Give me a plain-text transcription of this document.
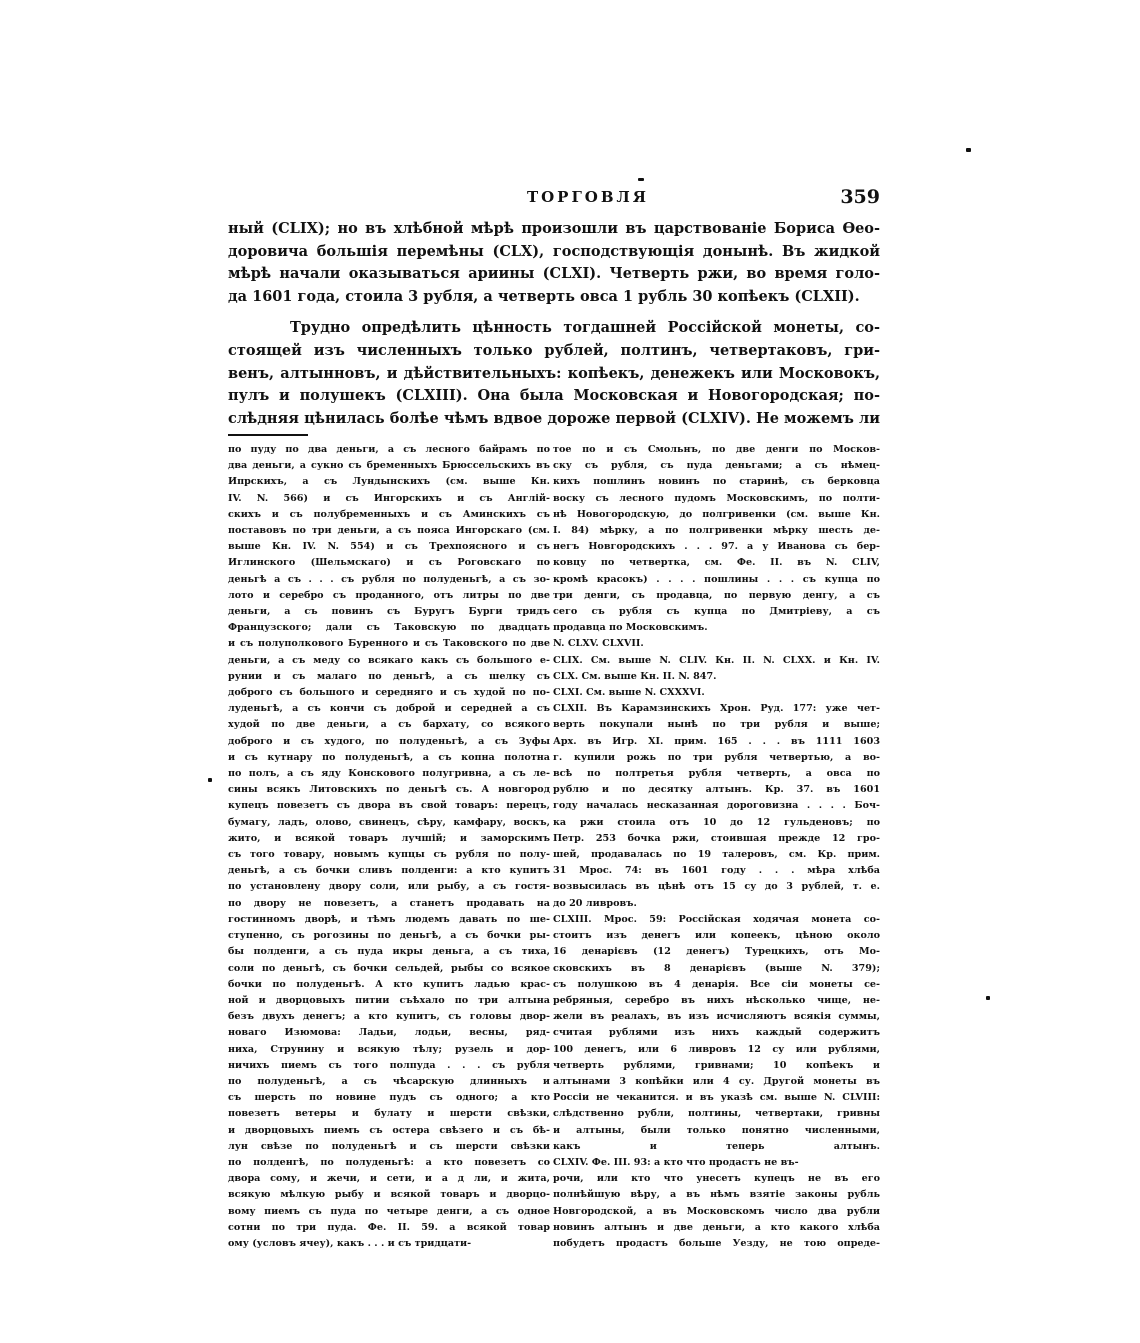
ТОРГОВЛЯ	359

ный (CLIX); но въ хлѣбной мѣрѣ произошли въ царствованіе Бориса Ѳео-

доровича большія перемѣны (CLX), господствующія донынѣ. Въ жидкой

мѣрѣ начали оказываться ариины (CLXI). Четверть ржи, во время голо-

да 1601 года, стоила 3 рубля, а четверть овса 1 рубль 30 копѣекъ (CLXII).

Трудно опредѣлить цѣнность тогдашней Россійской монеты, со-

стоящей изъ численныхъ только рублей, полтинъ, четвертаковъ, гри-

венъ, алтынновъ, и дѣйствительныхъ: копѣекъ, денежекъ или Московокъ,

пулъ и полушекъ (CLXIII). Она была Московская и Новогородская; по-

слѣдняя цѣнилась болѣе чѣмъ вдвое дороже первой (CLXIV). Не можемъ ли

по пуду по два деньги, а съ лесного байрамъ по

два деньги, а сукно съ бременныхъ Брюссельскихъ въ

Ипрскихъ, а съ Лундынскихъ (см. выше Кн.

IV. N. 566) и съ Ингорскихъ и съ Англій-

скихъ и съ полубременныхъ и съ Аминскихъ съ

поставовъ по три деньги, а съ пояса Ингорскаго (см.

выше Кн. IV. N. 554) и съ Трехпоясного и съ

Иглинского (Шельмскаго) и съ Роговскаго по

деньгѣ а съ . . . съ рубля по полуденьгѣ, а съ зо-

лото и серебро съ проданного, отъ литры по две

деньги, а съ повинъ съ Буругъ Бурги тридъ

Французского; дали съ Таковскую по двадцать

и съ полуполкового Буренного и съ Таковского по две

деньги, а съ меду со всякаго какъ съ большого е-

рунии и съ малаго по деньгѣ, а съ шелку съ

доброго съ большого и середняго и съ худой по по-

луденьгѣ, а съ кончи съ доброй и середней а съ

худой по две деньги, а съ бархату, со всякого

доброго и съ худого, по полуденьгѣ, а съ Зуфы

и съ кутнару по полуденьгѣ, а съ копна полотна

по полъ, а съ яду Конскового полугривна, а съ ле-

сины всякъ Литовскихъ по деньгѣ съ. А новгород

купецъ повезетъ съ двора въ свой товаръ: перецъ,

бумагу, ладъ, олово, свинецъ, сѣру, камфару, воскъ,

жито, и всякой товаръ лучшій; и заморскимъ

съ того товару, новымъ купцы съ рубля по полу-

деньгѣ, а съ бочки сливъ полденги: а кто купитъ

по установлену двору соли, или рыбу, а съ гостя-

по двору не повезетъ, а станетъ продавать на

гостинномъ дворѣ, и тѣмъ людемъ давать по ше-

ступенно, съ рогозины по деньгѣ, а съ бочки ры-

бы полденги, а съ пуда икры деньга, а съ тиха,

соли по деньгѣ, съ бочки сельдей, рыбы со всякое

бочки по полуденьгѣ. А кто купитъ ладью крас-

ной и дворцовыхъ питии съѣхало по три алтына

безъ двухъ денегъ; а кто купитъ, съ головы двор-

новаго Изюмова: Ладьи, лодьи, весны, ряд-

ниха, Струнину и всякую тѣлу; рузель и дор-

ничихъ пиемъ съ того полпуда . . . съ рубля

по полуденьгѣ, а съ чѣсарскую длинныхъ и

съ шерсть по новине пудъ съ одного; а кто

повезетъ ветеры и булату и шерсти свѣзки,

и дворцовыхъ пиемъ съ остера свѣзего и съ бѣ-

лун свѣзе по полуденьгѣ и съ шерсти свѣзки

по полденгѣ, по полуденьгѣ: а кто повезетъ со

двора сому, и жечи, и сети, и а д ли, и жита,

всякую мѣлкую рыбу и всякой товаръ и дворцо-

вому пиемъ съ пуда по четыре денги, а съ одное

сотни по три пуда. Фе. II. 59. а всякой товар

ому (условъ ячеу), какъ . . . и съ тридцати-

тое по и съ Смольнъ, по две денги по Москов-

ску съ рубля, съ пуда деньгами; а съ нѣмец-

кихъ пошлинъ новинъ по старинѣ, съ берковца

воску съ лесного пудомъ Московскимъ, по полти-

нѣ Новогородскую, до полгривенки (см. выше Кн.

I. 84) мѣрку, а по полгривенки мѣрку шесть де-

негъ Новгородскихъ . . . 97. а у Иванова съ бер-

ковцу по четвертка, см. Фе. II. въ N. CLIV,

кромѣ красокъ) . . . . пошлины . . . съ купца по

три денги, съ продавца, по первую денгу, а съ

сего съ рубля съ купца по Дмитріеву, а съ

продавца по Московскимъ.

N. CLXV. CLXVII.

CLIX. См. выше N. CLIV. Кн. II. N. CLXX. и Кн. IV.

CLX. См. выше Кн. II. N. 847.

CLXI. См. выше N. CXXXVI.

CLXII. Въ Карамзинскихъ Хрон. Руд. 177: уже чет-

верть покупали нынѣ по три рубля и выше;

Арх. въ Игр. XI. прим. 165 . . . въ 1111 1603

г. купили рожь по три рубля четвертью, а во-

всѣ по полтретья рубля четверть, а овса по

рублю и по десятку алтынъ. Кр. 37. въ 1601

году началась несказанная дороговизна . . . . Боч-

ка ржи стоила отъ 10 до 12 гульденовъ; по

Петр. 253 бочка ржи, стоившая прежде 12 гро-

шей, продавалась по 19 талеровъ, см. Кр. прим.

31 Мрос. 74: въ 1601 году . . . мѣра хлѣба

возвысилась въ цѣнѣ отъ 15 су до 3 рублей, т. е.

до 20 ливровъ.

CLXIII. Мрос. 59: Россійская ходячая монета со-

стоитъ изъ денегъ или копеекъ, цѣною около

16 денарієвъ (12 денегъ) Турецкихъ, отъ Мо-

сковскихъ въ 8 денарієвъ (выше N. 379);

съ полушкою въ 4 денарія. Все сіи монеты се-

ребряныя, серебро въ нихъ нѣсколько чище, не-

жели въ реалахъ, въ изъ исчисляютъ всякія суммы,

считая рублями изъ нихъ каждый содержитъ

100 денегъ, или 6 ливровъ 12 су или рублями,

четверть рублями, гривнами; 10 копѣекъ и

алтынами 3 копѣйки или 4 су. Другой монеты въ

Россіи не чеканится. и въ указѣ см. выше N. CLVIII:

слѣдственно рубли, полтины, четвертаки, гривны

и алтыны, были только понятно численными,

какъ и теперь алтынъ.

CLXIV. Фе. III. 93: а кто что продастъ не въ-

рочи, или кто что унесетъ купецъ не въ его

полнѣйшую вѣру, а въ нѣмъ взятіе законы рубль

Новгородской, а въ Московскомъ число два рубли

новинъ алтынъ и две деньги, а кто какого хлѣба

побудетъ продастъ больше Уезду, не тою опреде-
